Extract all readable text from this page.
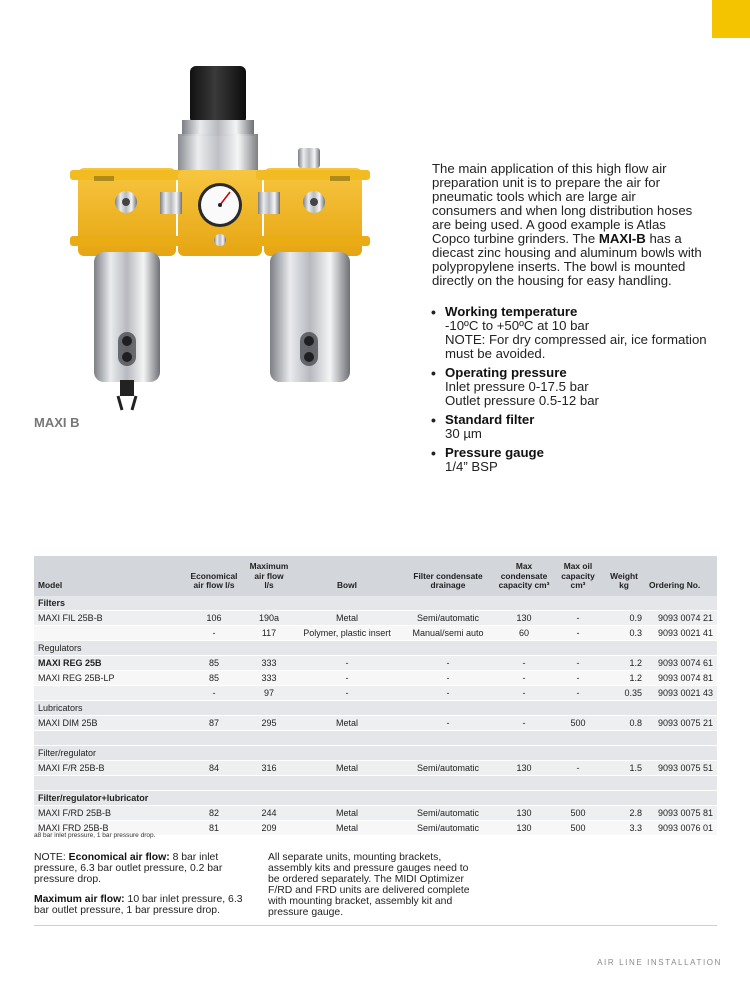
MAXI B

The main application of this high flow air preparation unit is to prepare the air for pneumatic tools which are large air consumers and when long distribution hoses are being used. A good example is Atlas Copco turbine grinders. The MAXI-B has a diecast zinc housing and aluminum bowls with polypropylene inserts. The bowl is mounted directly on the housing for easy handling.

• Working temperature
-10ºC to +50ºC at 10 bar
NOTE: For dry compressed air, ice formation must be avoided.
• Operating pressure
Inlet pressure 0-17.5 bar
Outlet pressure 0.5-12 bar
• Standard filter
30 µm
• Pressure gauge
1/4” BSP
Model	Economical air flow l/s	Maximum air flow l/s	Bowl	Filter condensate drainage	Max condensate capacity cm³	Max oil capacity cm³	Weight kg	Ordering No.
Filters								
MAXI FIL 25B-B	106	190a	Metal	Semi/automatic	130	-	0.9	9093 0074 21
	-	117	Polymer, plastic insert	Manual/semi auto	60	-	0.3	9093 0021 41
Regulators								
MAXI REG 25B	85	333	-	-	-	-	1.2	9093 0074 61
MAXI REG 25B-LP	85	333	-	-	-	-	1.2	9093 0074 81
	-	97	-	-	-	-	0.35	9093 0021 43
Lubricators								
MAXI DIM 25B	87	295	Metal	-	-	500	0.8	9093 0075 21

Filter/regulator								
MAXI F/R 25B-B	84	316	Metal	Semi/automatic	130	-	1.5	9093 0075 51

Filter/regulator+lubricator								
MAXI F/RD 25B-B	82	244	Metal	Semi/automatic	130	500	2.8	9093 0075 81
MAXI FRD 25B-B	81	209	Metal	Semi/automatic	130	500	3.3	9093 0076 01
a8 bar inlet pressure, 1 bar pressure drop.

NOTE: Economical air flow: 8 bar inlet pressure, 6.3 bar outlet pressure, 0.2 bar pressure drop.

Maximum air flow: 10 bar inlet pressure, 6.3 bar outlet pressure, 1 bar pressure drop.

All separate units, mounting brackets, assembly kits and pressure gauges need to be ordered separately. The MIDI Optimizer F/RD and FRD units are delivered complete with mounting bracket, assembly kit and pressure gauge.

AIR LINE INSTALLATION
